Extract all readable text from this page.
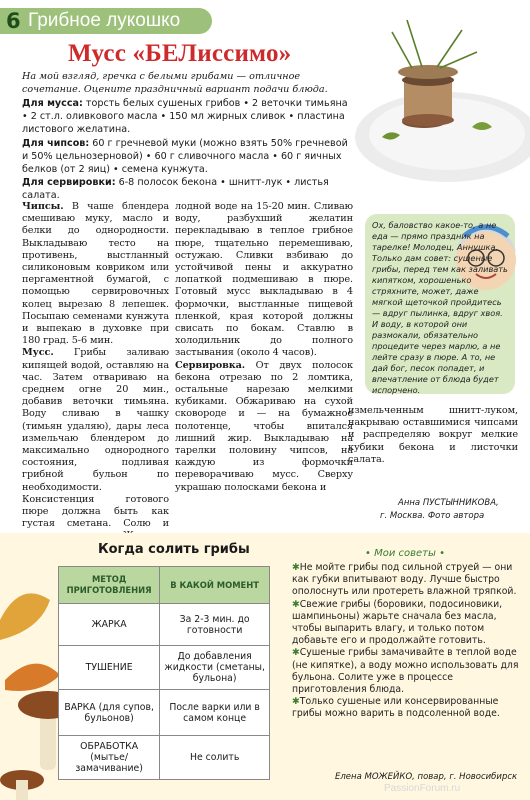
6 Грибное лукошко
Мусс «БЕЛиссимо»
На мой взгляд, гречка с белыми грибами — отличное сочетание. Оцените праздничный вариант подачи блюда.

Для мусса: торсть белых сушеных грибов • 2 веточки тимьяна • 2 ст.л. оливкового масла • 150 мл жирных сливок • пластина листового желатина.

Для чипсов: 60 г гречневой муки (можно взять 50% гречневой и 50% цельнозерновой) • 60 г сливочного масла • 60 г яичных белков (от 2 яиц) • семена кунжута.

Для сервировки: 6-8 полосок бекона • шнитт-лук • листья салата.

Чипсы. В чаше блендера смешиваю муку, масло и белки до однородности. Выкладываю тесто на противень, выстланный силиконовым ковриком или пергаментной бумагой, с помощью сервировочных колец вырезаю 8 лепешек. Посыпаю семенами кунжута и выпекаю в духовке при 180 град. 5-6 мин.

Мусс. Грибы заливаю кипящей водой, оставляю на час. Затем отвариваю на среднем огне 20 мин., добавив веточки тимьяна. Воду сливаю в чашку (тимьян удаляю), дары леса измельчаю блендером до максимально однородного состояния, подливая грибной бульон по необходимости. Консистенция готового пюре должна быть как густая сметана. Солю и

лодной воде на 15-20 мин. Сливаю воду, разбухший желатин перекладываю в теплое грибное пюре, тщательно перемешиваю, остужаю. Сливки взбиваю до устойчивой пены и аккуратно лопаткой подмешиваю в пюре. Готовый мусс выкладываю в 4 формочки, выстланные пищевой пленкой, края которой должны свисать по бокам. Ставлю в холодильник до полного застывания (около 4 часов).

Сервировка. От двух полосок бекона отрезаю по 2 ломтика, остальные нарезаю мелкими кубиками. Обжариваю на сухой сковороде и — на бумажное полотенце, чтобы впитался лишний жир. Выкладываю на тарелки половину чипсов, на каждую из формочки переворачиваю мусс. Сверху украшаю полосками бекона и

Ох, баловство какое-то, а не еда — прямо праздник на тарелке! Молодец, Аннушка. Только дам совет: сушеные грибы, перед тем как заливать кипятком, хорошенько стряхните, может, даже мягкой щеточкой пройдитесь — вдруг пылинка, вдруг хвоя. И воду, в которой они размокали, обязательно процедите через марлю, а не лейте сразу в пюре. А то, не дай бог, песок попадет, и впечатление от блюда будет испорчено.
измельченным шнитт-луком, накрываю оставшимися чипсами и распределяю вокруг мелкие кубики бекона и листочки салата.
Анна ПУСТЫННИКОВА,
г. Москва. Фото автора
Когда солить грибы
МЕТОД ПРИГОТОВЛЕНИЯ	В КАКОЙ МОМЕНТ
ЖАРКА	За 2-3 мин. до готовности
ТУШЕНИЕ	До добавления жидкости (сметаны, бульона)
ВАРКА (для супов, бульонов)	После варки или в самом конце
ОБРАБОТКА (мытье/ замачивание)	Не солить
• Мои советы •

✱Не мойте грибы под сильной струей — они как губки впитывают воду. Лучше быстро ополоснуть или протереть влажной тряпкой.

✱Свежие грибы (боровики, подосиновики, шампиньоны) жарьте сначала без масла, чтобы выпарить влагу, и только потом добавьте его и продолжайте готовить.

✱Сушеные грибы замачивайте в теплой воде (не кипятке), а воду можно использовать для бульона. Солите уже в процессе приготовления блюда.

✱Только сушеные или консервированные грибы можно варить в подсоленной воде.

Елена МОЖЕЙКО, повар, г. Новосибирск
PassionForum.ru
